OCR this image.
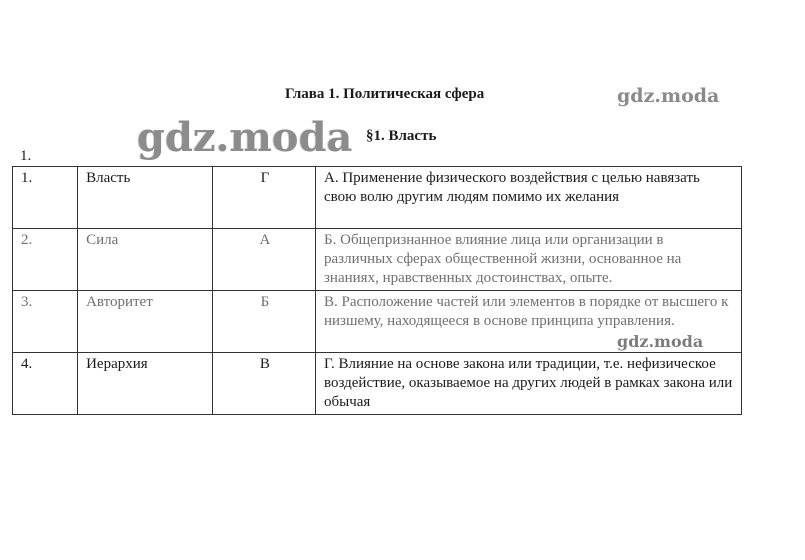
Глава 1. Политическая сфера	gdz.moda
gdz.moda §1. Власть
1.
1.	Власть	Г	А. Применение физического воздействия с целью навязать свою волю другим людям помимо их желания
2.	Сила	А	Б. Общепризнанное влияние лица или организации в различных сферах общественной жизни, основанное на знаниях, нравственных достоинствах, опыте.
3.	Авторитет	Б	В. Расположение частей или элементов в порядке от высшего к низшему, находящееся в основе принципа управления.
4.	Иерархия	В	Г. Влияние на основе закона или традиции, т.е. нефизическое воздействие, оказываемое на других людей в рамках закона или обычая
gdz.moda
